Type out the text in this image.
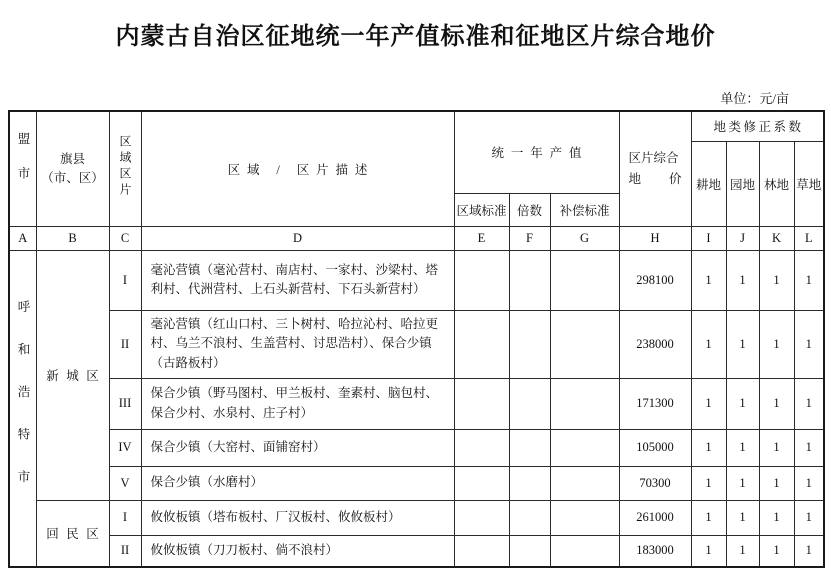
内蒙古自治区征地统一年产值标准和征地区片综合地价
单位：元/亩
盟市	旗县
（市、区）	区域区片	区域 / 区片描述	统一年产值	区片综合
地 价
	地类修正系数
								耕地	园地	林地	草地
				区域标准	倍数	补偿标准					
A	B	C	D	E	F	G	H	I	J	K	L
呼和浩特市	新城区	I	毫沁营镇（毫沁营村、南店村、一家村、沙梁村、塔利村、代洲营村、上石头新营村、下石头新营村）				298100	1	1	1	1
		II	毫沁营镇（红山口村、三卜树村、哈拉沁村、哈拉更村、乌兰不浪村、生盖营村、讨思浩村）、保合少镇（古路板村）				238000	1	1	1	1
		III	保合少镇（野马图村、甲兰板村、奎素村、脑包村、保合少村、水泉村、庄子村）				171300	1	1	1	1
		IV	保合少镇（大窑村、面铺窑村）				105000	1	1	1	1
		V	保合少镇（水磨村）				70300	1	1	1	1
	回民区	I	攸攸板镇（塔布板村、厂汉板村、攸攸板村）				261000	1	1	1	1
		II	攸攸板镇（刀刀板村、倘不浪村）				183000	1	1	1	1
